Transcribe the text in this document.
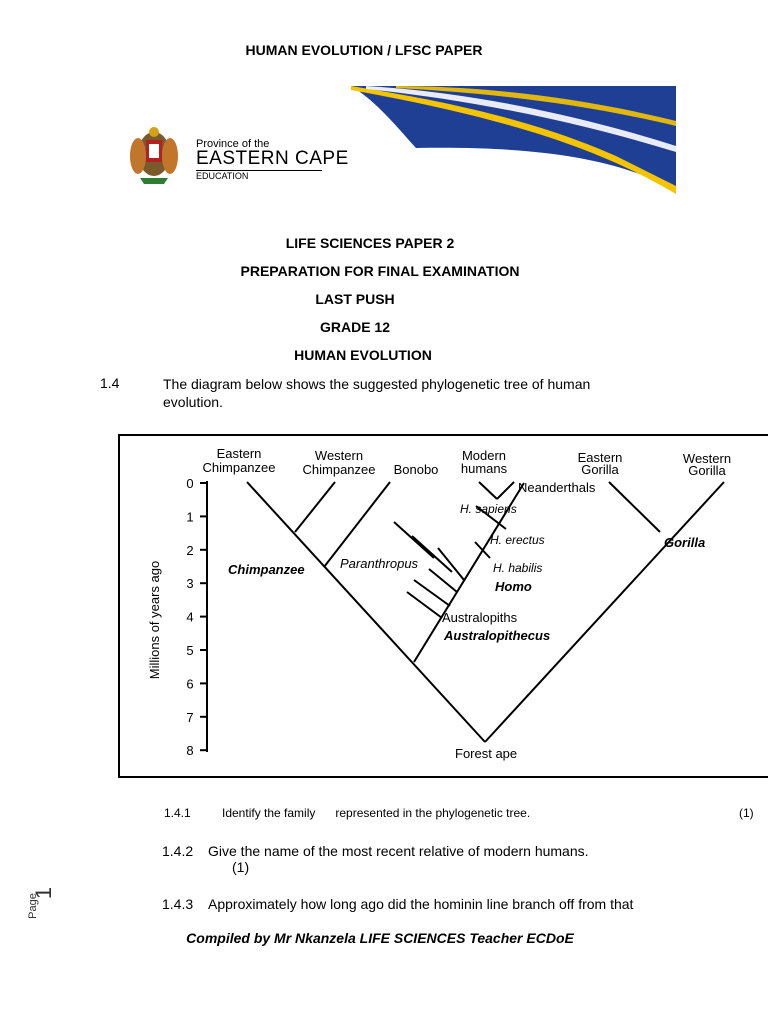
HUMAN EVOLUTION / LFSC PAPER
Province of the
EASTERN CAPE
EDUCATION
Iphondo leMpuma Kapa: Isebe leMfundo
Provinsie van die Oos Kaap: Departement van Onderwys
Porafensie Ya Kapa Botjahabela: Lefapha la Thuto
LIFE SCIENCES PAPER 2
PREPARATION FOR FINAL EXAMINATION
LAST PUSH
GRADE 12
HUMAN EVOLUTION
1.4	The diagram below shows the suggested phylogenetic tree of human evolution.
0
1
2
3
4
5
6
7
8
Millions of years ago
Eastern
Chimpanzee
Western
Chimpanzee Bonobo
Modern
humans
Eastern
Gorilla
Western
Gorilla
Neanderthals
H. sapiens
H. erectus
H. habilis
Homo
Gorilla
Chimpanzee	Paranthropus
Australopiths
Australopithecus
Forest ape
1.4.1	Identify the family      represented in the phylogenetic tree.	(1)
1.4.2 Give the name of the most recent relative of modern humans.
(1)
1.4.3 Approximately how long ago did the hominin line branch off from that
Page
1
Compiled by Mr Nkanzela LIFE SCIENCES Teacher ECDoE
